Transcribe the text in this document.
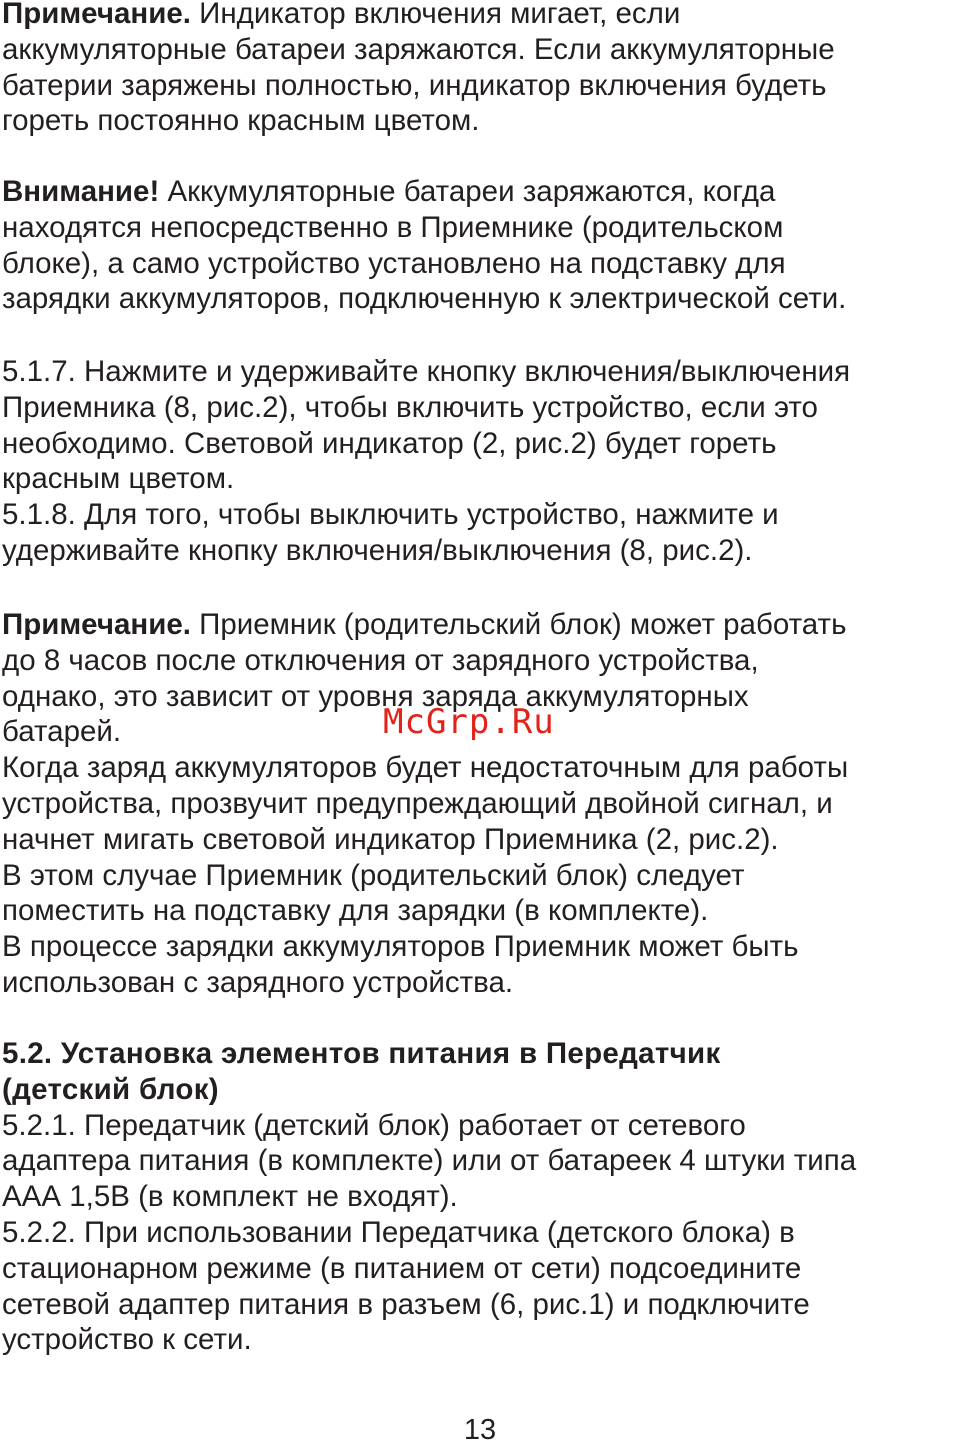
Примечание. Индикатор включения мигает, если
аккумуляторные батареи заряжаются. Если аккумуляторные
батерии заряжены полностью, индикатор включения будеть
гореть постоянно красным цветом.
Внимание! Аккумуляторные батареи заряжаются, когда
находятся непосредственно в Приемнике (родительском
блоке), а само устройство установлено на подставку для
зарядки аккумуляторов, подключенную к электрической сети.
5.1.7. Нажмите и удерживайте кнопку включения/выключения
Приемника (8, рис.2), чтобы включить устройство, если это
необходимо. Световой индикатор (2, рис.2) будет гореть
красным цветом.
5.1.8. Для того, чтобы выключить устройство, нажмите и
удерживайте кнопку включения/выключения (8, рис.2).
Примечание. Приемник (родительский блок) может работать
до 8 часов после отключения от зарядного устройства,
однако, это зависит от уровня заряда аккумуляторных
батарей.
Когда заряд аккумуляторов будет недостаточным для работы
устройства, прозвучит предупреждающий двойной сигнал, и
начнет мигать световой индикатор Приемника (2, рис.2).
В этом случае Приемник (родительский блок) следует
поместить на подставку для зарядки (в комплекте).
В процессе зарядки аккумуляторов Приемник может быть
использован с зарядного устройства.
5.2. Установка элементов питания в Передатчик
(детский блок)
5.2.1. Передатчик (детский блок) работает от сетевого
адаптера питания (в комплекте) или от батареек 4 штуки типа
ААА 1,5В (в комплект не входят).
5.2.2. При использовании Передатчика (детского блока) в
стационарном режиме (в питанием от сети) подсоедините
сетевой адаптер питания в разъем (6, рис.1) и подключите
устройство к сети.
McGrp.Ru
13
